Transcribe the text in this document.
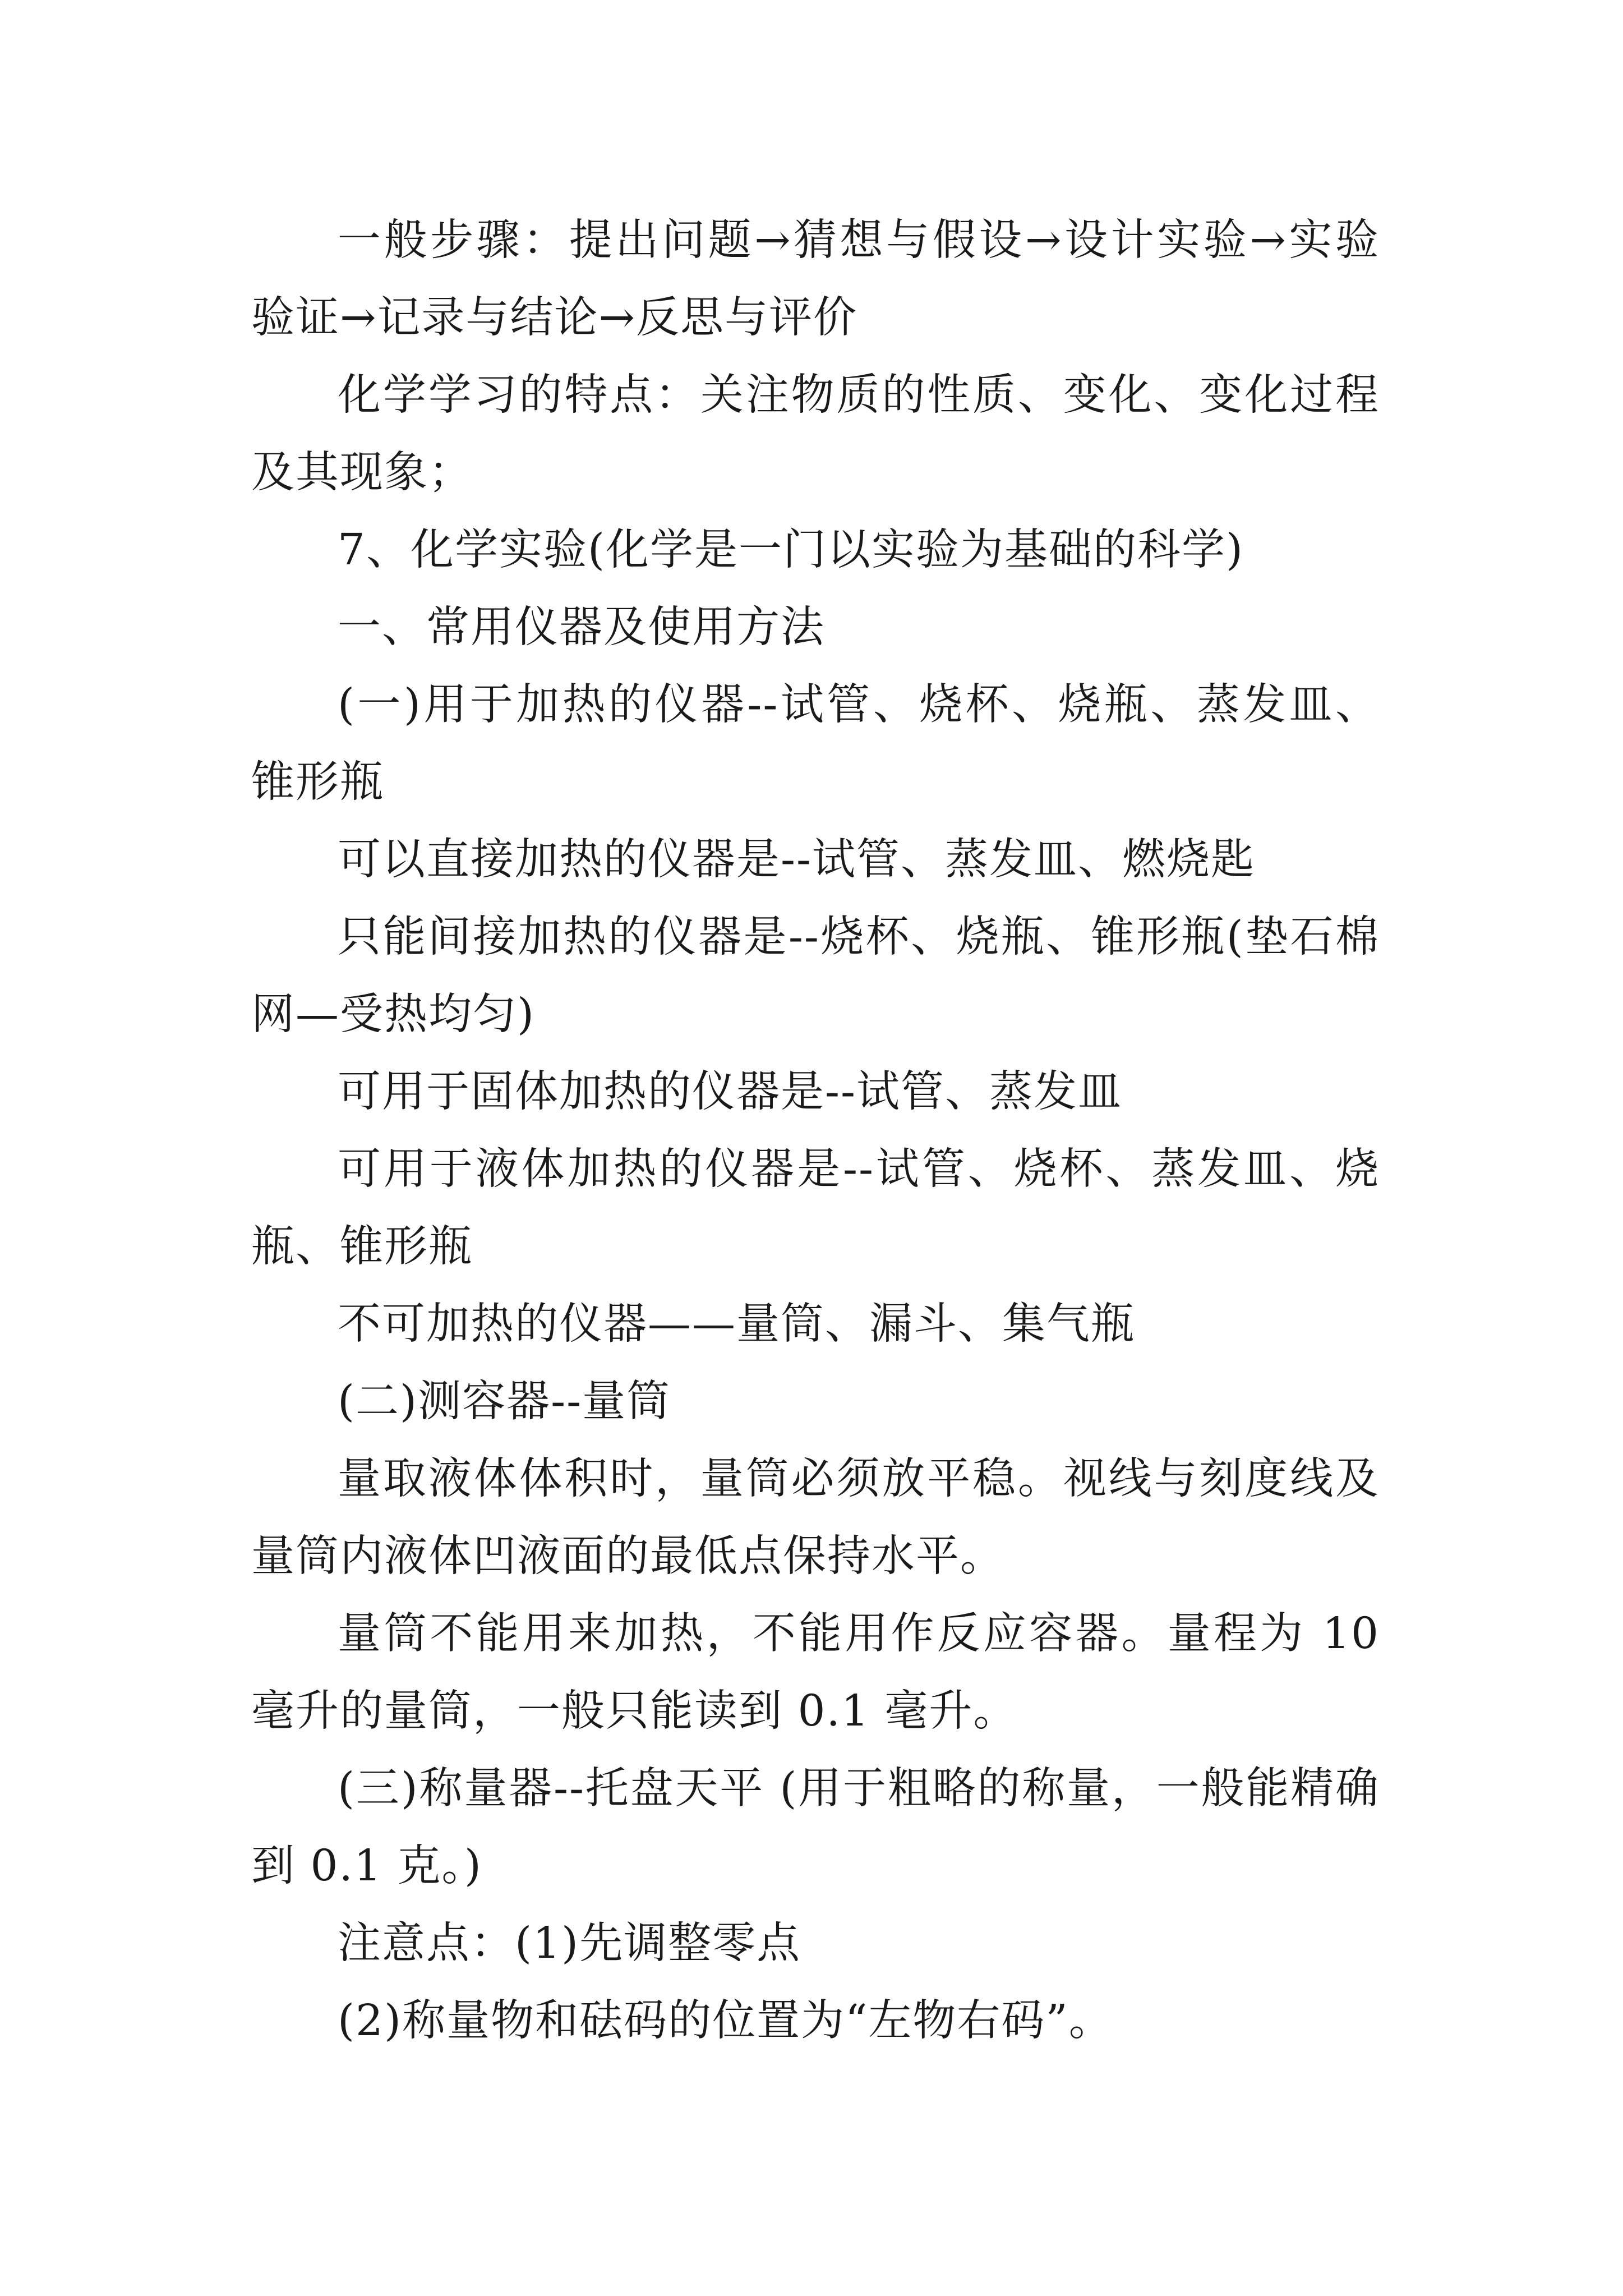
一般步骤：提出问题→猜想与假设→设计实验→实验验证→记录与结论→反思与评价

化学学习的特点：关注物质的性质、变化、变化过程及其现象；

7、化学实验(化学是一门以实验为基础的科学)

一、常用仪器及使用方法

(一)用于加热的仪器--试管、烧杯、烧瓶、蒸发皿、锥形瓶

可以直接加热的仪器是--试管、蒸发皿、燃烧匙

只能间接加热的仪器是--烧杯、烧瓶、锥形瓶(垫石棉网—受热均匀)

可用于固体加热的仪器是--试管、蒸发皿

可用于液体加热的仪器是--试管、烧杯、蒸发皿、烧瓶、锥形瓶

不可加热的仪器——量筒、漏斗、集气瓶

(二)测容器--量筒

量取液体体积时，量筒必须放平稳。视线与刻度线及量筒内液体凹液面的最低点保持水平。

量筒不能用来加热，不能用作反应容器。量程为 10 毫升的量筒，一般只能读到 0.1 毫升。

(三)称量器--托盘天平 (用于粗略的称量，一般能精确到 0.1 克。)

注意点：(1)先调整零点

(2)称量物和砝码的位置为“左物右码”。
